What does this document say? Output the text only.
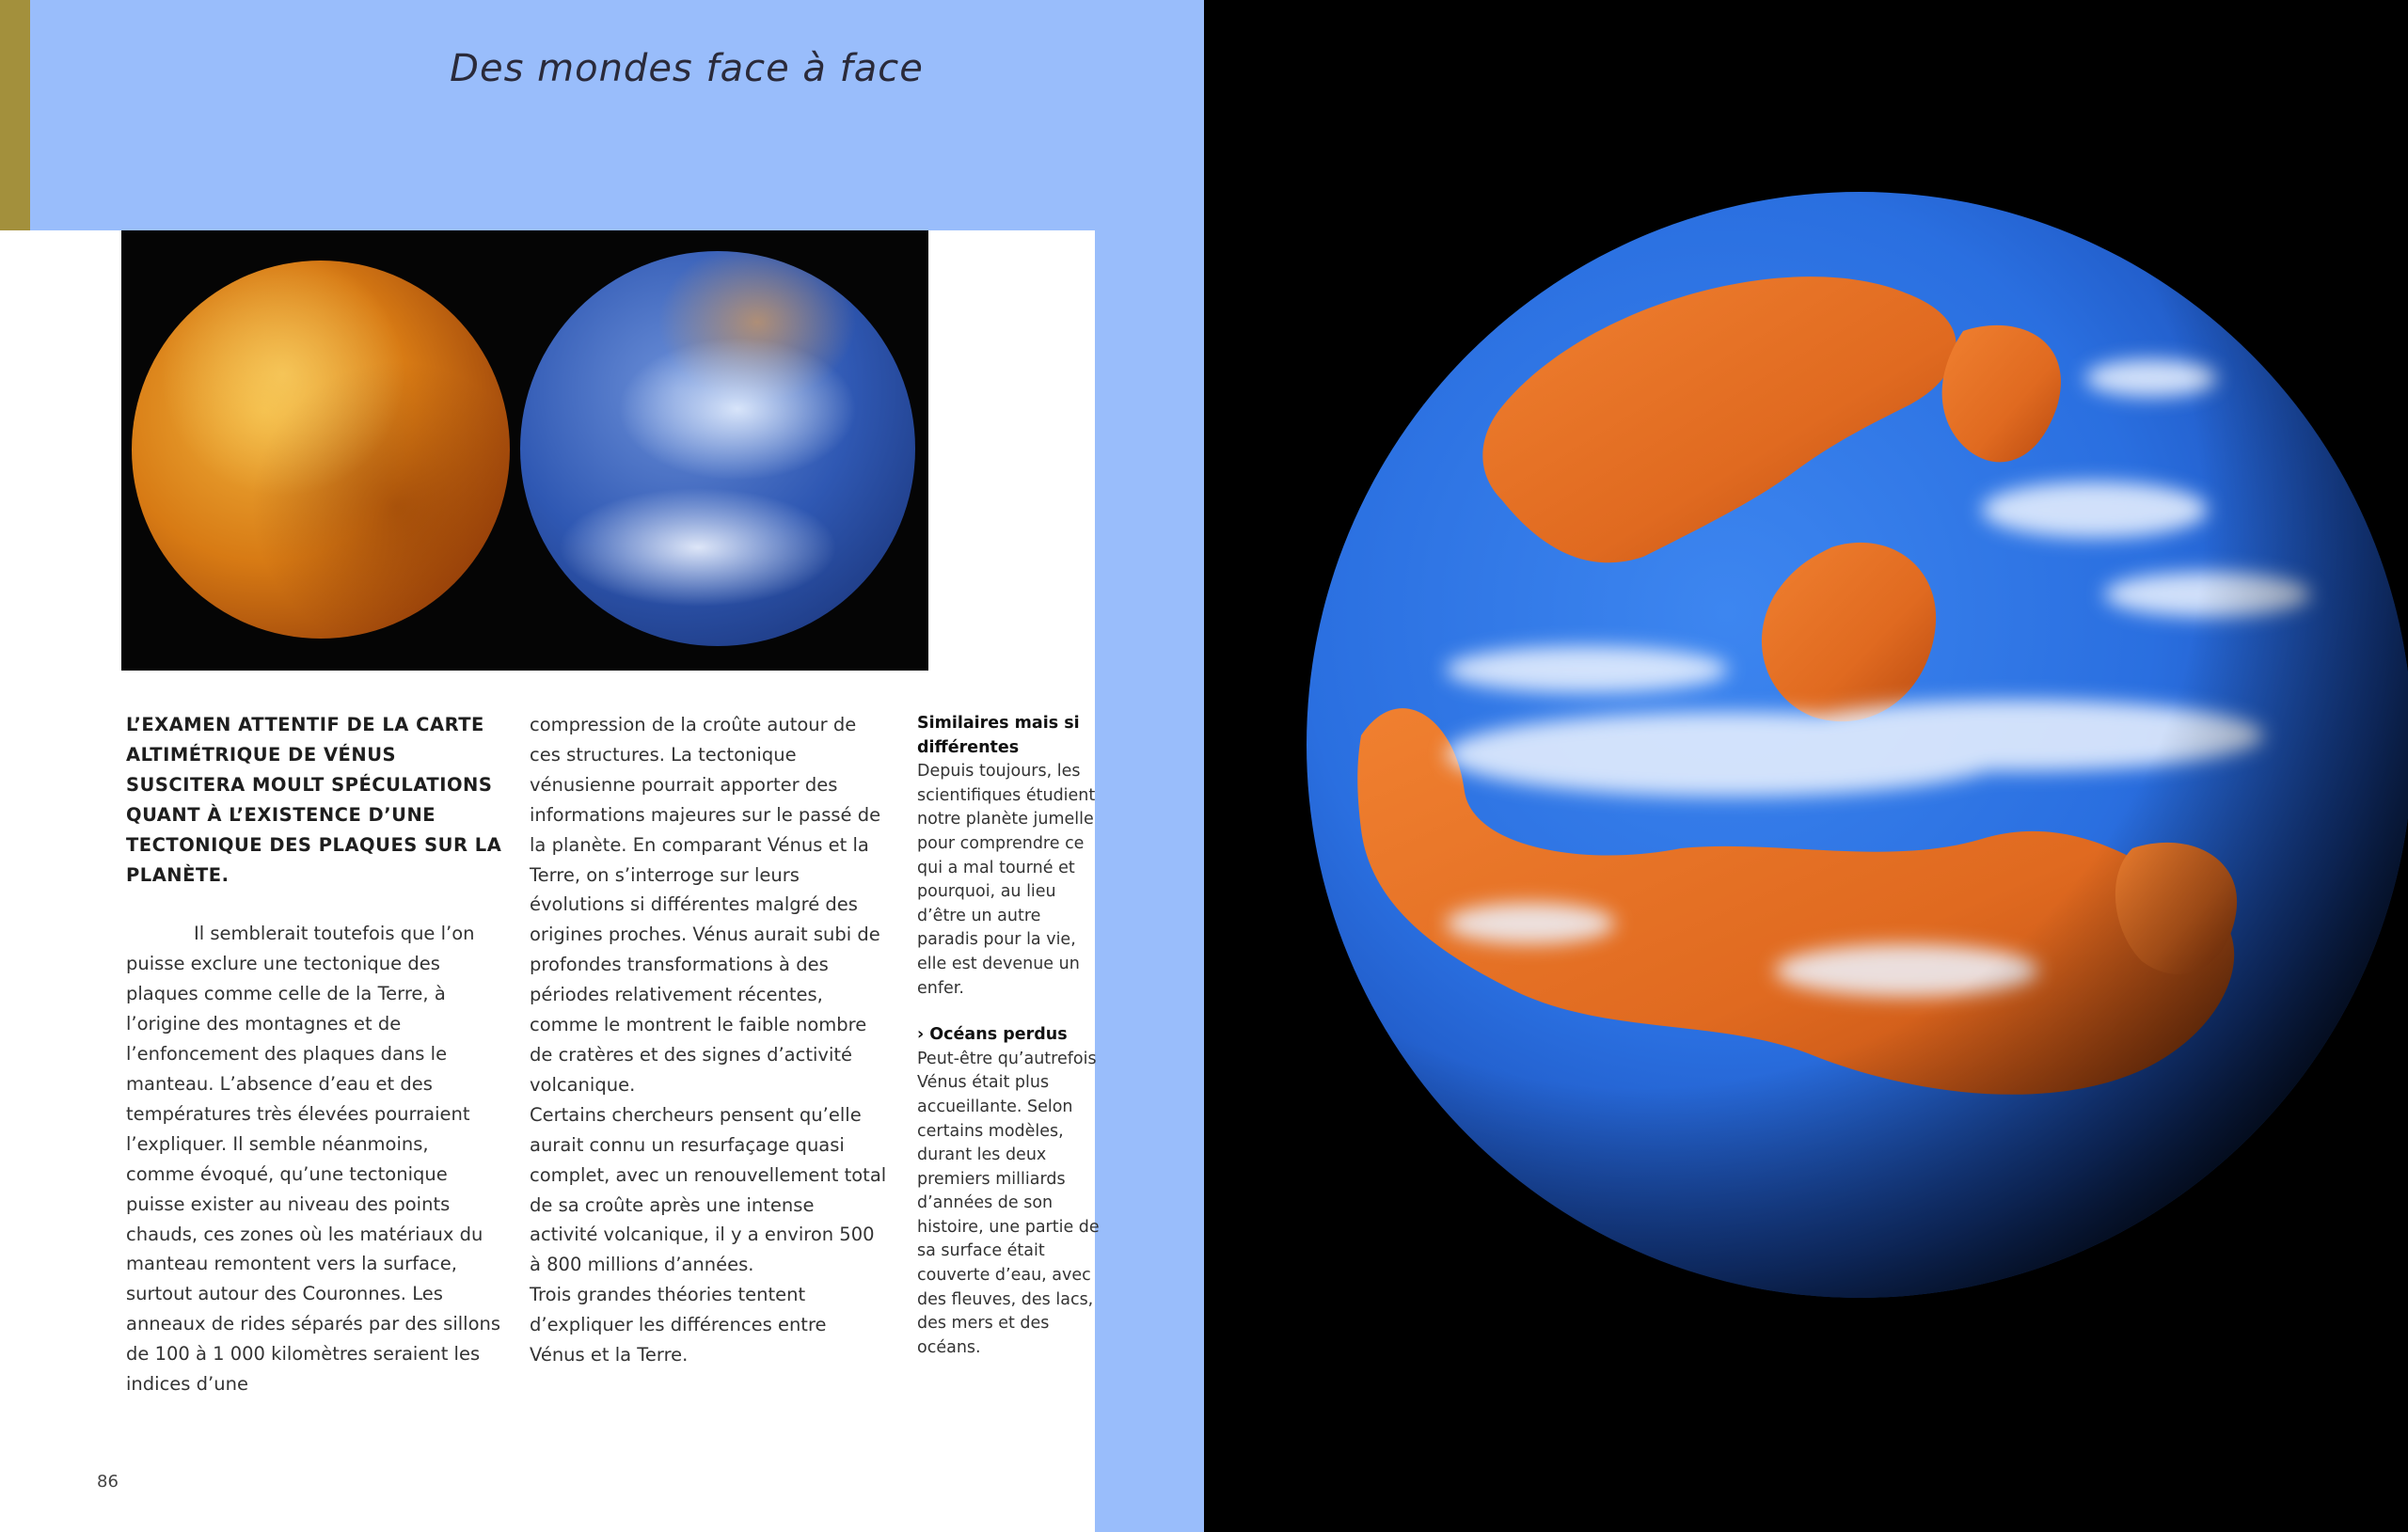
Des mondes face à face

L’EXAMEN ATTENTIF DE LA CARTE ALTIMÉTRIQUE DE VÉNUS SUSCITERA MOULT SPÉCULATIONS QUANT À L’EXISTENCE D’UNE TECTONIQUE DES PLAQUES SUR LA PLANÈTE.

Il semblerait toutefois que l’on puisse exclure une tectonique des plaques comme celle de la Terre, à l’origine des montagnes et de l’enfoncement des plaques dans le manteau. L’absence d’eau et des températures très élevées pourraient l’expliquer. Il semble néanmoins, comme évoqué, qu’une tectonique puisse exister au niveau des points chauds, ces zones où les matériaux du manteau remontent vers la surface, surtout autour des Couronnes. Les anneaux de rides séparés par des sillons de 100 à 1 000 kilomètres seraient les indices d’une

compression de la croûte autour de ces structures. La tectonique vénusienne pourrait apporter des informations majeures sur le passé de la planète. En comparant Vénus et la Terre, on s’interroge sur leurs évolutions si différentes malgré des origines proches. Vénus aurait subi de profondes transformations à des périodes relativement récentes, comme le montrent le faible nombre de cratères et des signes d’activité volcanique.

Certains chercheurs pensent qu’elle aurait connu un resurfaçage quasi complet, avec un renouvellement total de sa croûte après une intense activité volcanique, il y a environ 500 à 800 millions d’années.

Trois grandes théories tentent d’expliquer les différences entre Vénus et la Terre.

Similaires mais si différentes

Depuis toujours, les scientifiques étudient notre planète jumelle pour comprendre ce qui a mal tourné et pourquoi, au lieu d’être un autre paradis pour la vie, elle est devenue un enfer.

› Océans perdus

Peut-être qu’autrefois Vénus était plus accueillante. Selon certains modèles, durant les deux premiers milliards d’années de son histoire, une partie de sa surface était couverte d’eau, avec des fleuves, des lacs, des mers et des océans.

86
